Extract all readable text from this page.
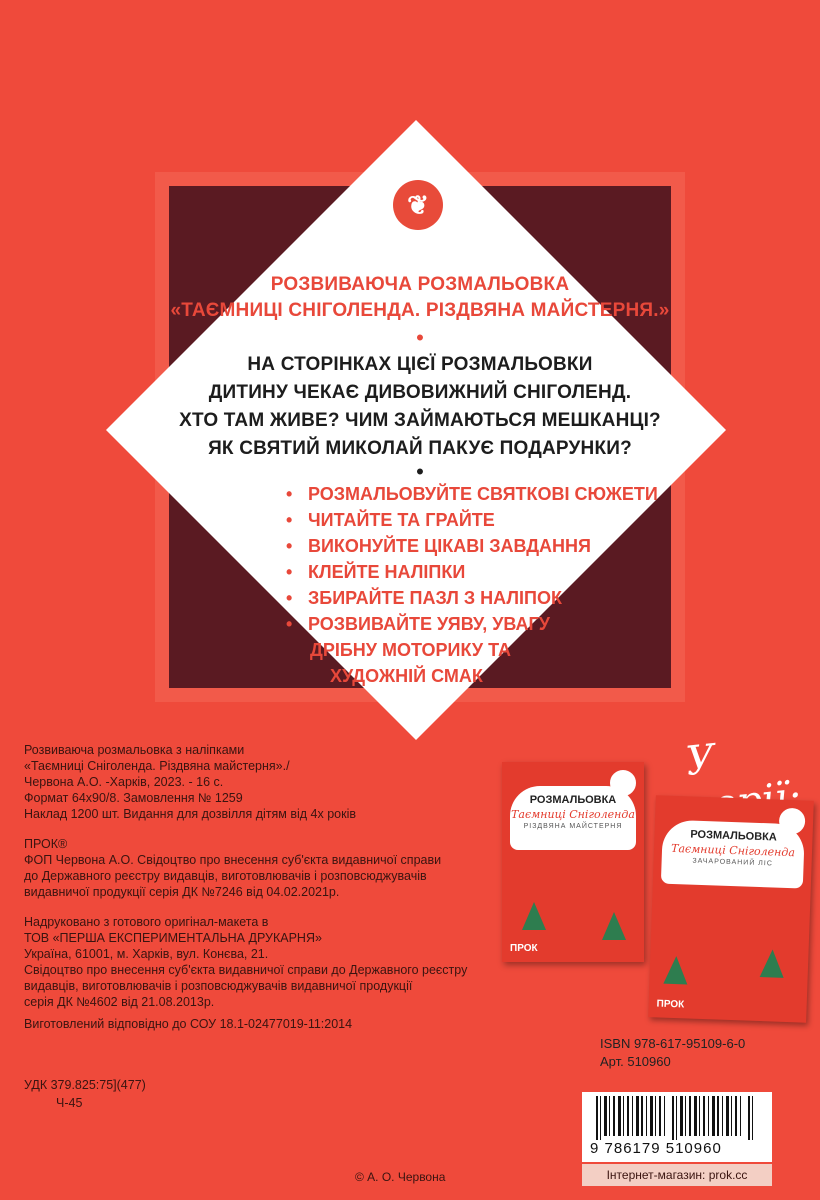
❦
РОЗВИВАЮЧА РОЗМАЛЬОВКА
«ТАЄМНИЦІ СНІГОЛЕНДА. РІЗДВЯНА МАЙСТЕРНЯ.»
•
НА СТОРІНКАХ ЦІЄЇ РОЗМАЛЬОВКИ
ДИТИНУ ЧЕКАЄ ДИВОВИЖНИЙ СНІГОЛЕНД.
ХТО ТАМ ЖИВЕ? ЧИМ ЗАЙМАЮТЬСЯ МЕШКАНЦІ?
ЯК СВЯТИЙ МИКОЛАЙ ПАКУЄ ПОДАРУНКИ?
•
• РОЗМАЛЬОВУЙТЕ СВЯТКОВІ СЮЖЕТИ
• ЧИТАЙТЕ ТА ГРАЙТЕ
• ВИКОНУЙТЕ ЦІКАВІ ЗАВДАННЯ
• КЛЕЙТЕ НАЛІПКИ
• ЗБИРАЙТЕ ПАЗЛ З НАЛІПОК
• РОЗВИВАЙТЕ УЯВУ, УВАГУ
ДРІБНУ МОТОРИКУ ТА
ХУДОЖНІЙ СМАК
Розвиваюча розмальовка з наліпками
«Таємниці Сніголенда. Різдвяна майстерня»./
Червона А.О. -Харків, 2023. - 16 с.
Формат 64х90/8. Замовлення № 1259
Наклад 1200 шт. Видання для дозвілля дітям від 4х років
ПРОК®
ФОП Червона А.О. Свідоцтво про внесення суб'єкта видавничої справи
до Державного реєстру видавців, виготовлювачів і розповсюджувачів
видавничої продукції серія ДК №7246 від 04.02.2021р.
Надруковано з готового оригінал-макета в
ТОВ «ПЕРША ЕКСПЕРИМЕНТАЛЬНА ДРУКАРНЯ»
Україна, 61001, м. Харків, вул. Конєва, 21.
Свідоцтво про внесення суб'єкта видавничої справи до Державного реєстру
видавців, виготовлювачів і розповсюджувачів видавничої продукції
серія ДК №4602 від 21.08.2013р.
Виготовлений відповідно до СОУ 18.1-02477019-11:2014
УДК 379.825:75](477)
Ч-45
У
РОЗМАЛЬОВКА
Таємниці Сніголенда
РІЗДВЯНА МАЙСТЕРНЯ
ПРОК
РОЗМАЛЬОВКА
Таємниці Сніголенда
ЗАЧАРОВАНИЙ ЛІС
ПРОК
ISBN 978-617-95109-6-0
Арт. 510960
9 786179 510960
Інтернет-магазин: prok.cc
© А. О. Червона
